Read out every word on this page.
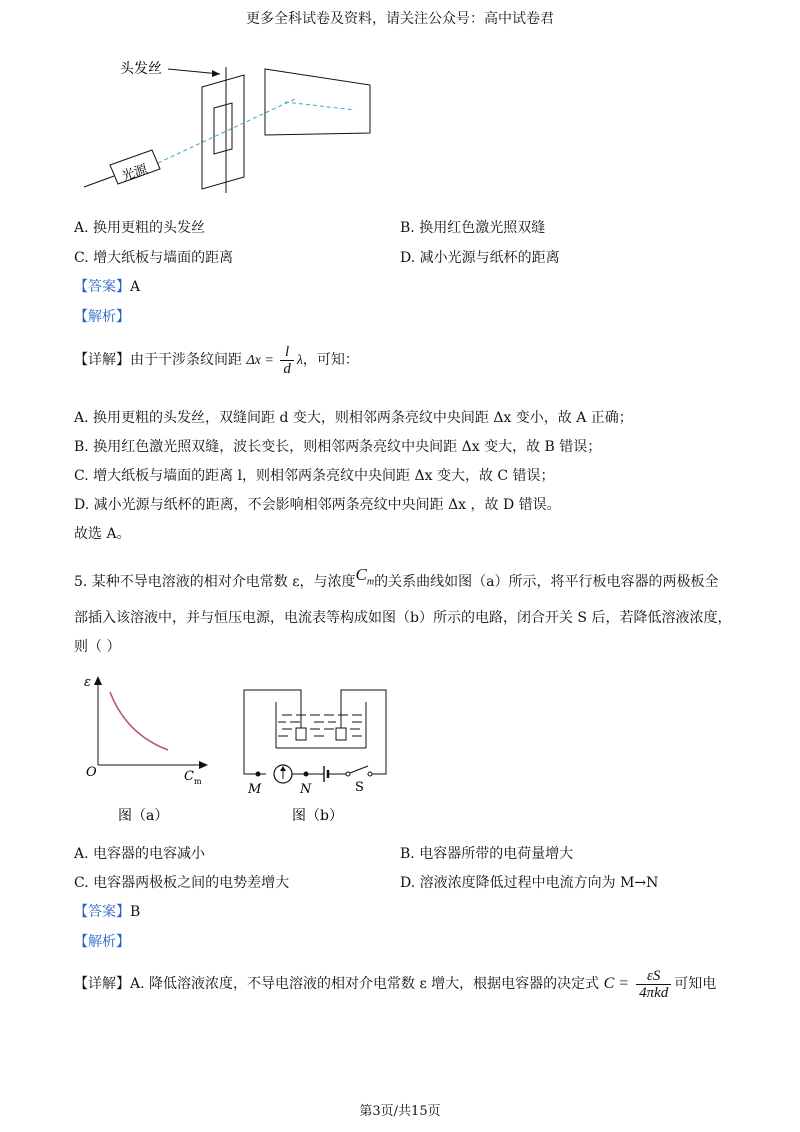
更多全科试卷及资料，请关注公众号：高中试卷君
头发丝
光源
A. 换用更粗的头发丝	B. 换用红色激光照双缝
C. 增大纸板与墙面的距离	D. 减小光源与纸杯的距离
【答案】A
【解析】
【详解】由于干涉条纹间距 $\Delta x = \frac{l}{d}$ λ，可知：
A. 换用更粗的头发丝，双缝间距 d 变大，则相邻两条亮纹中央间距 Δx 变小，故 A 正确；
B. 换用红色激光照双缝，波长变长，则相邻两条亮纹中央间距 Δx 变大，故 B 错误；
C. 增大纸板与墙面的距离 l，则相邻两条亮纹中央间距 Δx 变大，故 C 错误；
D. 减小光源与纸杯的距离，不会影响相邻两条亮纹中央间距 Δx ，故 D 错误。
故选 A。
5. 某种不导电溶液的相对介电常数 ε，与浓度$C_m$的关系曲线如图（a）所示，将平行板电容器的两极板全
部插入该溶液中，并与恒压电源，电流表等构成如图（b）所示的电路，闭合开关 S 后，若降低溶液浓度，
则（ ）
ε
O	C m
图（a）
M	N	S
图（b）
A. 电容器的电容减小	B. 电容器所带的电荷量增大
C. 电容器两极板之间的电势差增大	D. 溶液浓度降低过程中电流方向为 M→N
【答案】B
【解析】
【详解】A. 降低溶液浓度，不导电溶液的相对介电常数 ε 增大，根据电容器的决定式 $C = \frac{\varepsilon S}{\text{4πkd}}$ 可知电
第3页/共15页
